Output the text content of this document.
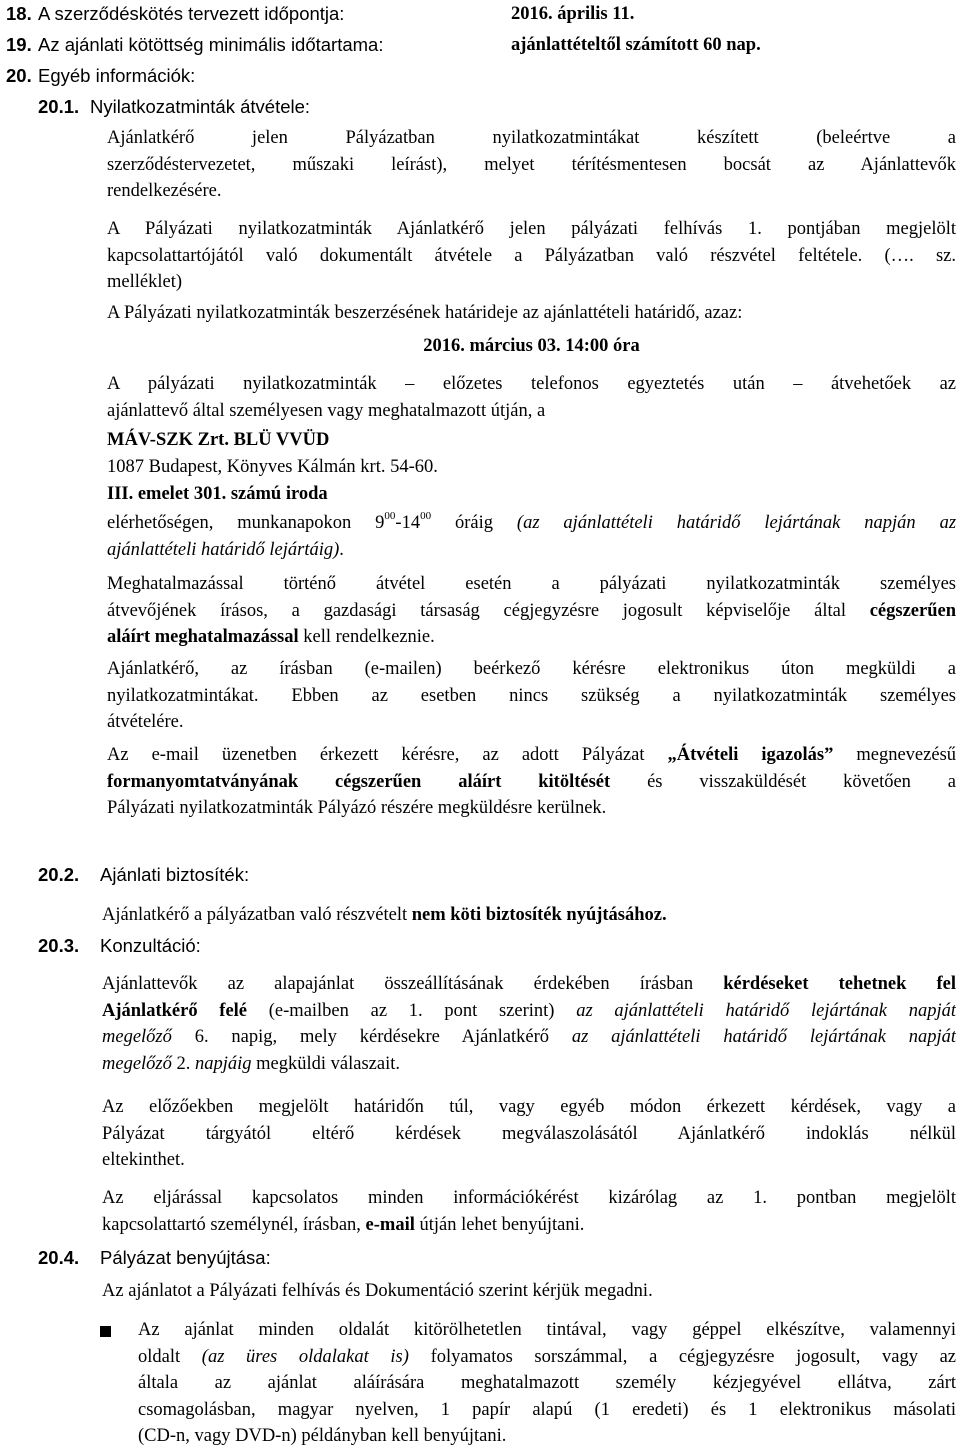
18. A szerződéskötés tervezett időpontja:	2016. április 11.
19. Az ajánlati kötöttség minimális időtartama:	ajánlattételtől számított 60 nap.
20. Egyéb információk:
20.1. Nyilatkozatminták átvétele:
Ajánlatkérő jelen Pályázatban nyilatkozatmintákat készített (beleértve a
szerződéstervezetet, műszaki leírást), melyet térítésmentesen bocsát az Ajánlattevők
rendelkezésére.
A Pályázati nyilatkozatminták Ajánlatkérő jelen pályázati felhívás 1. pontjában megjelölt
kapcsolattartójától való dokumentált átvétele a Pályázatban való részvétel feltétele. (…. sz.
melléklet)
A Pályázati nyilatkozatminták beszerzésének határideje az ajánlattételi határidő, azaz:
2016. március 03. 14:00 óra
A pályázati nyilatkozatminták – előzetes telefonos egyeztetés után – átvehetőek az
ajánlattevő által személyesen vagy meghatalmazott útján, a
MÁV-SZK Zrt. BLÜ VVÜD
1087 Budapest, Könyves Kálmán krt. 54-60.
III. emelet 301. számú iroda
elérhetőségen, munkanapokon $9^{00}-14^{00}$ óráig (az ajánlattételi határidő lejártának napján az
ajánlattételi határidő lejártáig).
Meghatalmazással történő átvétel esetén a pályázati nyilatkozatminták személyes
átvevőjének írásos, a gazdasági társaság cégjegyzésre jogosult képviselője által cégszerűen
aláírt meghatalmazással kell rendelkeznie.
Ajánlatkérő, az írásban (e-mailen) beérkező kérésre elektronikus úton megküldi a
nyilatkozatmintákat. Ebben az esetben nincs szükség a nyilatkozatminták személyes
átvételére.
Az e-mail üzenetben érkezett kérésre, az adott Pályázat „Átvételi igazolás” megnevezésű
formanyomtatványának cégszerűen aláírt kitöltését és visszaküldését követően a
Pályázati nyilatkozatminták Pályázó részére megküldésre kerülnek.
20.2. Ajánlati biztosíték:
Ajánlatkérő a pályázatban való részvételt nem köti biztosíték nyújtásához.
20.3. Konzultáció:
Ajánlattevők az alapajánlat összeállításának érdekében írásban kérdéseket tehetnek fel
Ajánlatkérő felé (e-mailben az 1. pont szerint) az ajánlattételi határidő lejártának napját
megelőző 6. napig, mely kérdésekre Ajánlatkérő az ajánlattételi határidő lejártának napját
megelőző 2. napjáig megküldi válaszait.
Az előzőekben megjelölt határidőn túl, vagy egyéb módon érkezett kérdések, vagy a
Pályázat tárgyától eltérő kérdések megválaszolásától Ajánlatkérő indoklás nélkül
eltekinthet.
Az eljárással kapcsolatos minden információkérést kizárólag az 1. pontban megjelölt
kapcsolattartó személynél, írásban, e-mail útján lehet benyújtani.
20.4. Pályázat benyújtása:
Az ajánlatot a Pályázati felhívás és Dokumentáció szerint kérjük megadni.
Az ajánlat minden oldalát kitörölhetetlen tintával, vagy géppel elkészítve, valamennyi
oldalt (az üres oldalakat is) folyamatos sorszámmal, a cégjegyzésre jogosult, vagy az
általa az ajánlat aláírására meghatalmazott személy kézjegyével ellátva, zárt
csomagolásban, magyar nyelven, 1 papír alapú (1 eredeti) és 1 elektronikus másolati
(CD-n, vagy DVD-n) példányban kell benyújtani.
